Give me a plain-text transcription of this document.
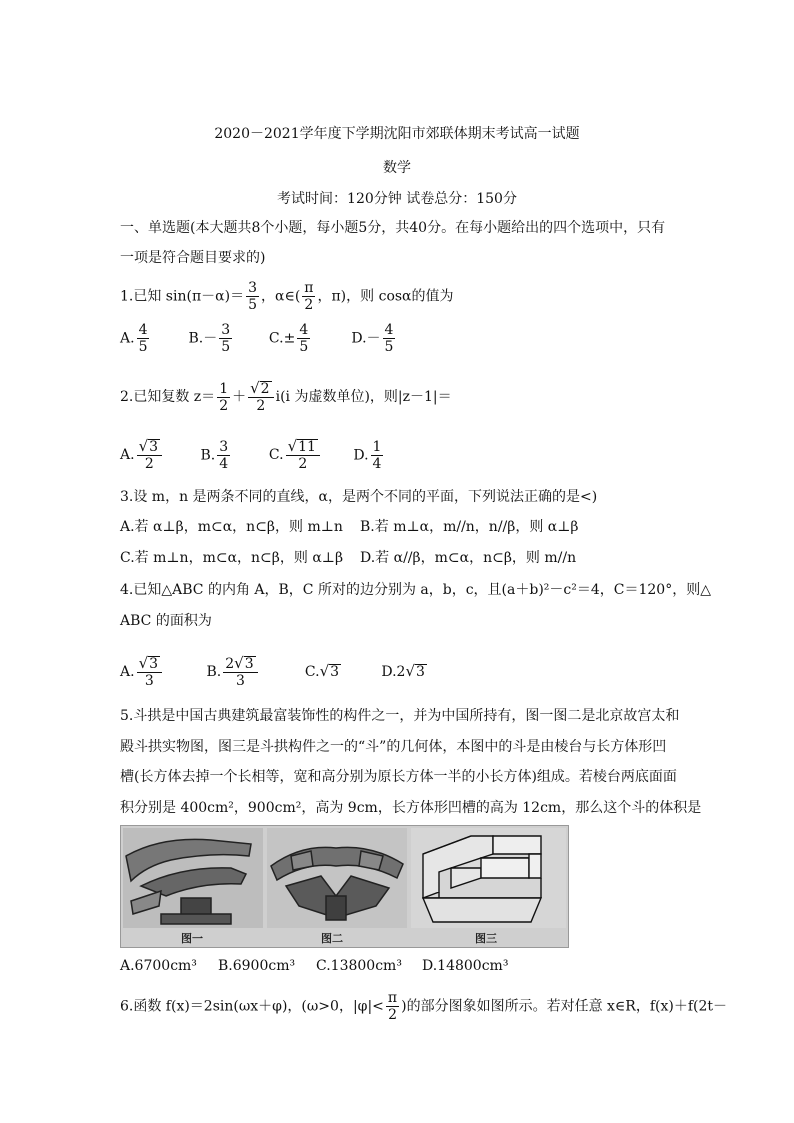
2020－2021学年度下学期沈阳市郊联体期末考试高一试题
数学
考试时间：120分钟 试卷总分：150分
一、单选题(本大题共8个小题，每小题5分，共40分。在每小题给出的四个选项中，只有
一项是符合题目要求的)
1.已知 $\sin(\pi-\alpha)= \frac{3}{5}$ ，α∈( $\frac{\pi}{2}$ ，π)，则 cosα的值为
A. $\frac{4}{5}$	$B.- \frac{3}{5}$	$C.\pm \frac{4}{5}$	$D.- \frac{4}{5}$
2.已知复数 $z= \frac{1}{2} + \frac{√2}{2} i(i$ 为虚数单位)，则|z－1|＝
A. $\frac{√3}{2}$	B. $\frac{3}{4}$	C. $\frac{√11}{2} D$. $\frac{1}{4}$
3.设 m，n 是两条不同的直线，α，是两个不同的平面，下列说法正确的是<)
A.若 α⊥β，m⊂α，n⊂β，则 m⊥n B.若 m⊥α，m//n，n//β，则 α⊥β
C.若 m⊥n，m⊂α，n⊂β，则 α⊥β D.若 α//β，m⊂α，n⊂β，则 m//n
4.已知△ABC 的内角 A，B，C 所对的边分别为 a，b，c，且(a＋b)²－c²＝4，C＝120°，则△
ABC 的面积为
A. $\frac{√3}{3}$	B. $\frac{2√3}{3}$	C.√3	D.2√3
5.斗拱是中国古典建筑最富装饰性的构件之一，并为中国所持有，图一图二是北京故宫太和
殿斗拱实物图，图三是斗拱构件之一的“斗”的几何体，本图中的斗是由棱台与长方体形凹
槽(长方体去掉一个长相等，宽和高分别为原长方体一半的小长方体)组成。若棱台两底面面
积分别是 400cm²，900cm²，高为 9cm，长方体形凹槽的高为 12cm，那么这个斗的体积是
图一	图二	图三
A.6700cm³ B.6900cm³ C.13800cm³ D.14800cm³
6.函数 f(x)＝2sin(ωx＋φ)，(ω>0，$|\varphi|< \frac{\pi}{2}$ )的部分图象如图所示。若对任意 x∈R，f(x)＋f(2t－
